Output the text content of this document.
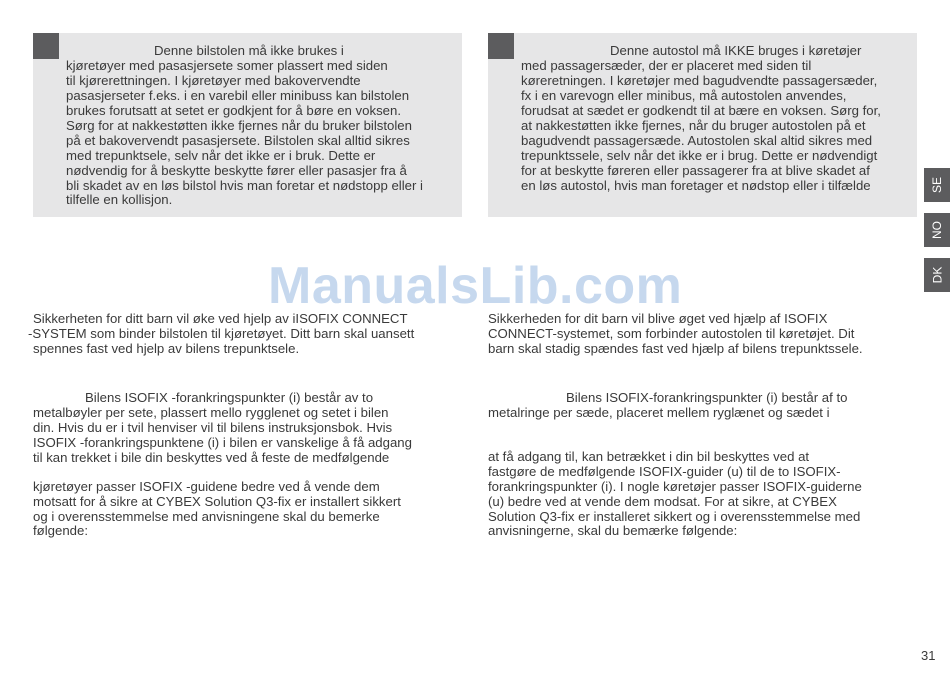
Denne bilstolen må ikke brukes i
kjøretøyer med pasasjersete somer plassert med siden
til kjørerettningen. I kjøretøyer med bakovervendte
pasasjerseter f.eks. i en varebil eller minibuss kan bilstolen
brukes forutsatt at setet er godkjent for å børe en voksen.
Sørg for at nakkestøtten ikke fjernes når du bruker bilstolen
på et bakovervendt pasasjersete. Bilstolen skal alltid sikres
med trepunktsele, selv når det ikke er i bruk. Dette er
nødvendig for å beskytte beskytte fører eller pasasjer fra å
bli skadet av en løs bilstol hvis man foretar et nødstopp eller i
tilfelle en kollisjon.
Denne autostol må IKKE bruges i køretøjer
med passagersæder, der er placeret med siden til
køreretningen. I køretøjer med bagudvendte passagersæder,
fx i en varevogn eller minibus, må autostolen anvendes,
forudsat at sædet er godkendt til at bære en voksen. Sørg for,
at nakkestøtten ikke fjernes, når du bruger autostolen på et
bagudvendt passagersæde. Autostolen skal altid sikres med
trepunktssele, selv når det ikke er i brug. Dette er nødvendigt
for at beskytte føreren eller passagerer fra at blive skadet af
en løs autostol, hvis man foretager et nødstop eller i tilfælde	SE
NO
DK
ManualsLib.com
Sikkerheten for ditt barn vil øke ved hjelp av iISOFIX CONNECT
-SYSTEM som binder bilstolen til kjøretøyet. Ditt barn skal uansett
spennes fast ved hjelp av bilens trepunktsele.
Bilens ISOFIX -forankringspunkter (i) består av to
metalbøyler per sete, plassert mello rygglenet og setet i bilen
din. Hvis du er i tvil henviser vil til bilens instruksjonsbok. Hvis
ISOFIX -forankringspunktene (i) i bilen er vanskelige å få adgang
til kan trekket i bile din beskyttes ved å feste de medfølgende
kjøretøyer passer ISOFIX -guidene bedre ved å vende dem
motsatt for å sikre at CYBEX Solution Q3-fix er installert sikkert
og i overensstemmelse med anvisningene skal du bemerke
følgende:
Sikkerheden for dit barn vil blive øget ved hjælp af ISOFIX
CONNECT-systemet, som forbinder autostolen til køretøjet. Dit
barn skal stadig spændes fast ved hjælp af bilens trepunktssele.
Bilens ISOFIX-forankringspunkter (i) består af to
metalringe per sæde, placeret mellem ryglænet og sædet i
at få adgang til, kan betrækket i din bil beskyttes ved at
fastgøre de medfølgende ISOFIX-guider (u) til de to ISOFIX-
forankringspunkter (i). I nogle køretøjer passer ISOFIX-guiderne
(u) bedre ved at vende dem modsat. For at sikre, at CYBEX
Solution Q3-fix er installeret sikkert og i overensstemmelse med
anvisningerne, skal du bemærke følgende:
31
